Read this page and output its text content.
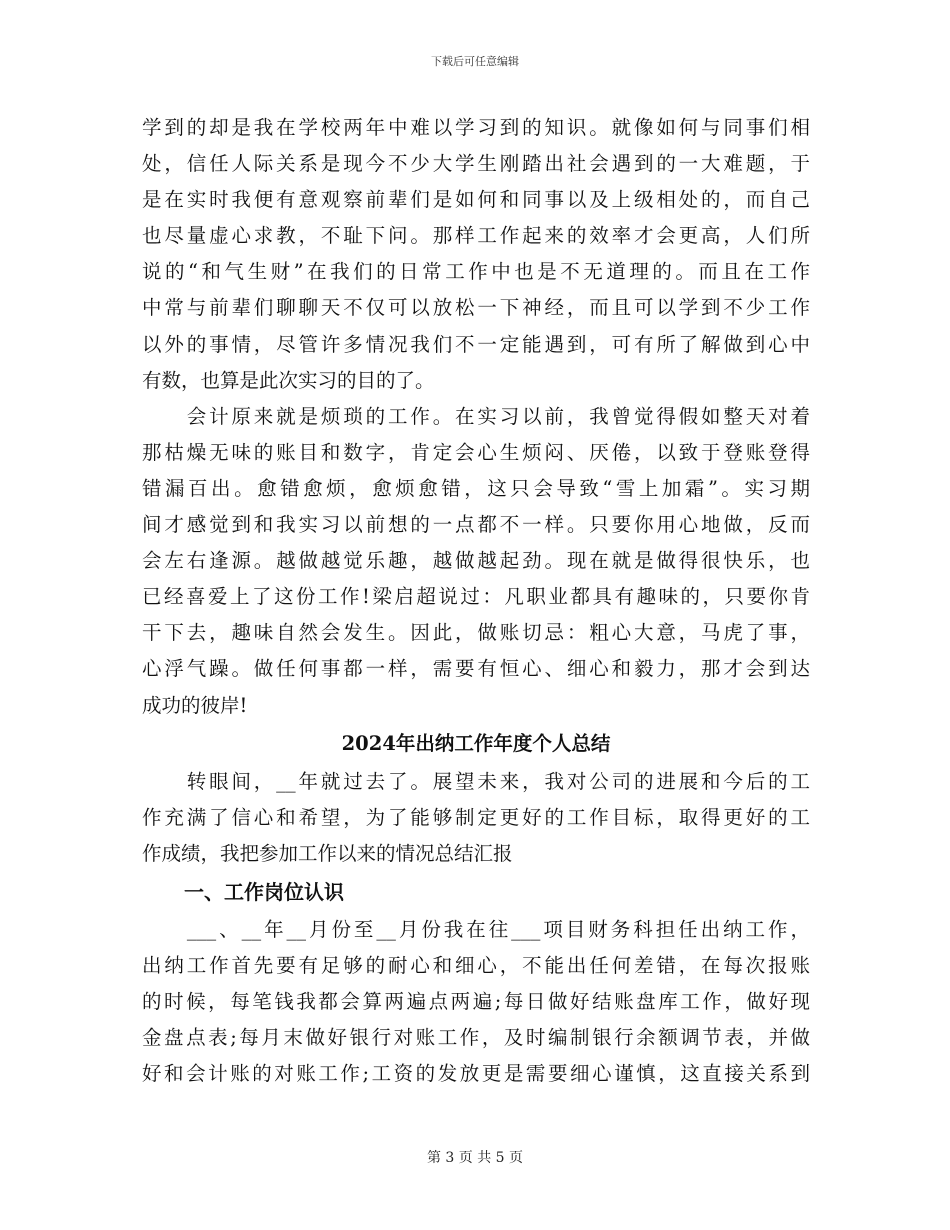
下载后可任意编辑
学到的却是我在学校两年中难以学习到的知识。就像如何与同事们相
处，信任人际关系是现今不少大学生刚踏出社会遇到的一大难题，于
是在实时我便有意观察前辈们是如何和同事以及上级相处的，而自己
也尽量虚心求教，不耻下问。那样工作起来的效率才会更高，人们所
说的“和气生财”在我们的日常工作中也是不无道理的。而且在工作
中常与前辈们聊聊天不仅可以放松一下神经，而且可以学到不少工作
以外的事情，尽管许多情况我们不一定能遇到，可有所了解做到心中
有数，也算是此次实习的目的了。
　　会计原来就是烦琐的工作。在实习以前，我曾觉得假如整天对着
那枯燥无味的账目和数字，肯定会心生烦闷、厌倦，以致于登账登得
错漏百出。愈错愈烦，愈烦愈错，这只会导致“雪上加霜”。实习期
间才感觉到和我实习以前想的一点都不一样。只要你用心地做，反而
会左右逢源。越做越觉乐趣，越做越起劲。现在就是做得很快乐，也
已经喜爱上了这份工作!梁启超说过：凡职业都具有趣味的，只要你肯
干下去，趣味自然会发生。因此，做账切忌：粗心大意，马虎了事，
心浮气躁。做任何事都一样，需要有恒心、细心和毅力，那才会到达
成功的彼岸!
2024年出纳工作年度个人总结
　　转眼间，__年就过去了。展望未来，我对公司的进展和今后的工
作充满了信心和希望，为了能够制定更好的工作目标，取得更好的工
作成绩，我把参加工作以来的情况总结汇报
一、工作岗位认识
　　___、__年__月份至__月份我在往___项目财务科担任出纳工作，
出纳工作首先要有足够的耐心和细心，不能出任何差错，在每次报账
的时候，每笔钱我都会算两遍点两遍;每日做好结账盘库工作，做好现
金盘点表;每月末做好银行对账工作，及时编制银行余额调节表，并做
好和会计账的对账工作;工资的发放更是需要细心谨慎，这直接关系到
第 3 页 共 5 页
